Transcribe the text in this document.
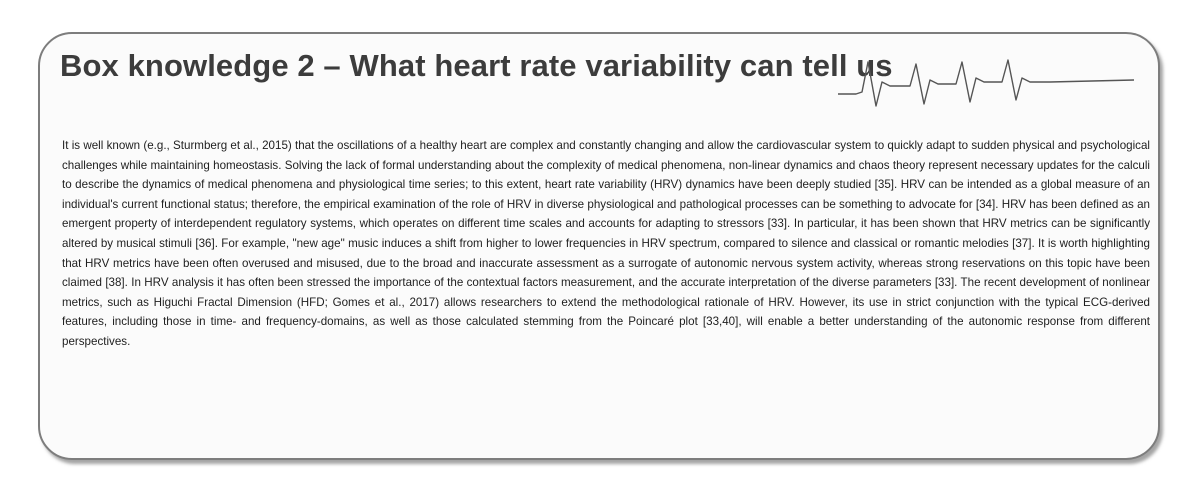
Box knowledge 2 – What heart rate variability can tell us

It is well known (e.g., Sturmberg et al., 2015) that the oscillations of a healthy heart are complex and constantly changing and allow the cardiovascular system to quickly adapt to sudden physical and psychological challenges while maintaining homeostasis. Solving the lack of formal understanding about the complexity of medical phenomena, non-linear dynamics and chaos theory represent necessary updates for the calculi to describe the dynamics of medical phenomena and physiological time series; to this extent, heart rate variability (HRV) dynamics have been deeply studied [35]. HRV can be intended as a global measure of an individual's current functional status; therefore, the empirical examination of the role of HRV in diverse physiological and pathological processes can be something to advocate for [34]. HRV has been defined as an emergent property of interdependent regulatory systems, which operates on different time scales and accounts for adapting to stressors [33]. In particular, it has been shown that HRV metrics can be significantly altered by musical stimuli [36]. For example, "new age" music induces a shift from higher to lower frequencies in HRV spectrum, compared to silence and classical or romantic melodies [37]. It is worth highlighting that HRV metrics have been often overused and misused, due to the broad and inaccurate assessment as a surrogate of autonomic nervous system activity, whereas strong reservations on this topic have been claimed [38]. In HRV analysis it has often been stressed the importance of the contextual factors measurement, and the accurate interpretation of the diverse parameters [33]. The recent development of nonlinear metrics, such as Higuchi Fractal Dimension (HFD; Gomes et al., 2017) allows researchers to extend the methodological rationale of HRV. However, its use in strict conjunction with the typical ECG-derived features, including those in time- and frequency-domains, as well as those calculated stemming from the Poincaré plot [33,40], will enable a better understanding of the autonomic response from different perspectives.
